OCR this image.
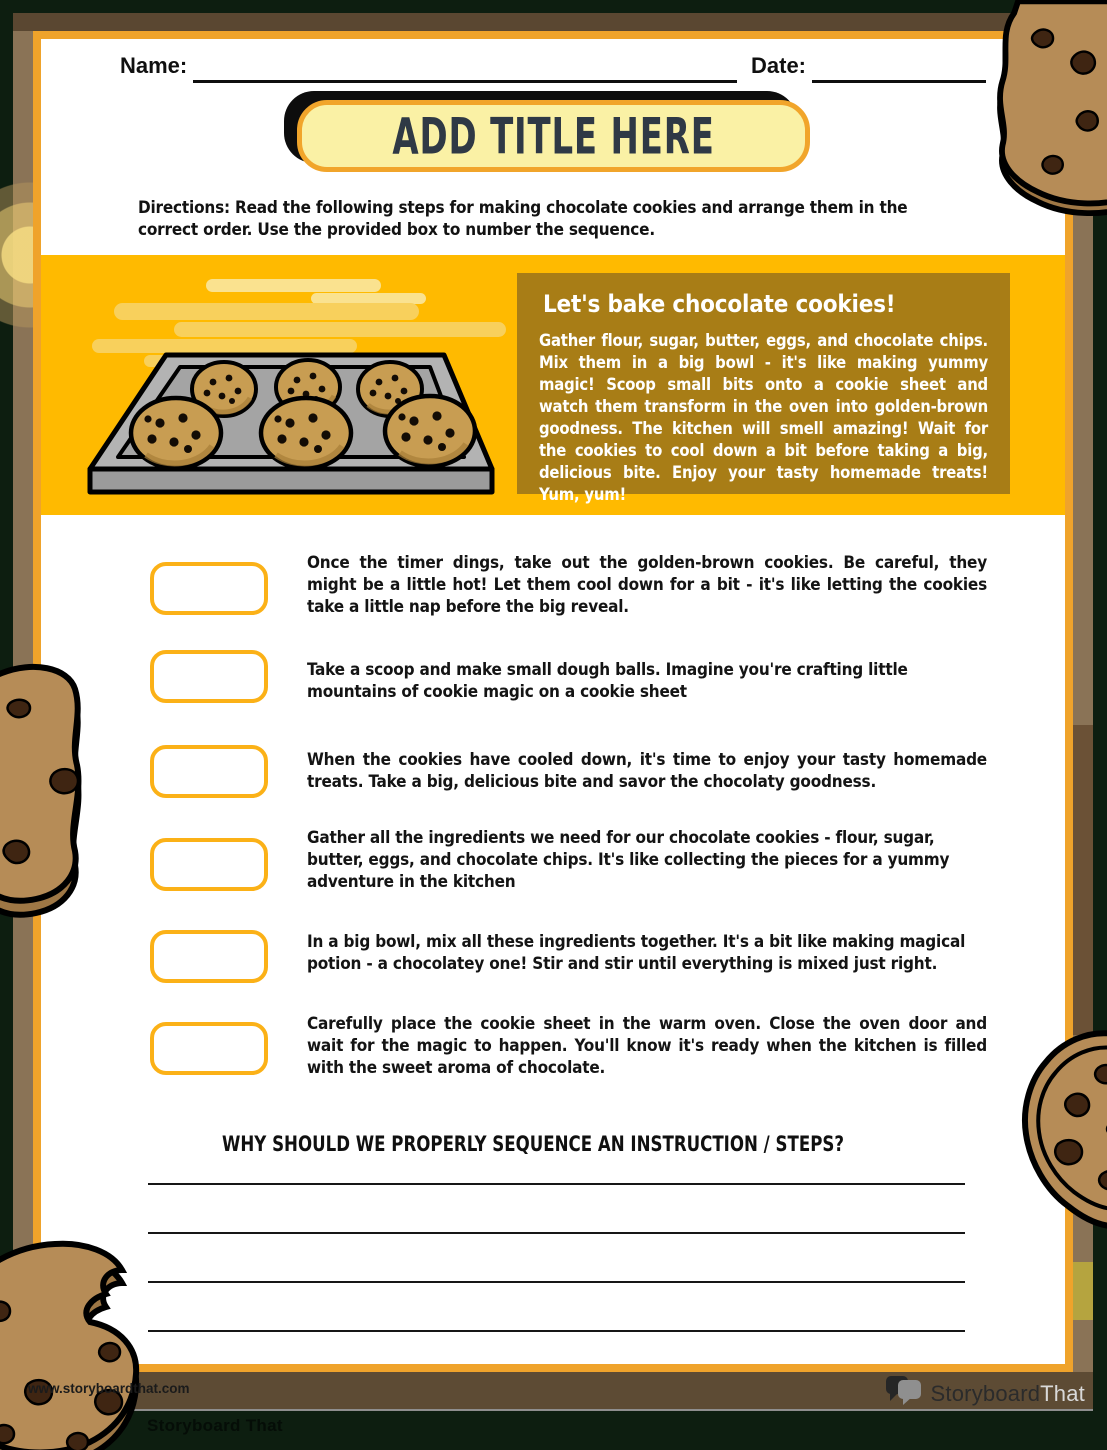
Name:	Date:
ADD TITLE HERE
Directions: Read the following steps for making chocolate cookies and arrange them in the correct order. Use the provided box to number the sequence.
Let's bake chocolate cookies!

Gather flour, sugar, butter, eggs, and chocolate chips. Mix them in a big bowl - it's like making yummy magic! Scoop small bits onto a cookie sheet and watch them transform in the oven into golden-brown goodness. The kitchen will smell amazing! Wait for the cookies to cool down a bit before taking a big, delicious bite. Enjoy your tasty homemade treats! Yum, yum!

Once the timer dings, take out the golden-brown cookies. Be careful, they might be a little hot! Let them cool down for a bit - it's like letting the cookies take a little nap before the big reveal.
Take a scoop and make small dough balls. Imagine you're crafting little mountains of cookie magic on a cookie sheet
When the cookies have cooled down, it's time to enjoy your tasty homemade treats. Take a big, delicious bite and savor the chocolaty goodness.
Gather all the ingredients we need for our chocolate cookies - flour, sugar, butter, eggs, and chocolate chips. It's like collecting the pieces for a yummy adventure in the kitchen
In a big bowl, mix all these ingredients together. It's a bit like making magical potion - a chocolatey one! Stir and stir until everything is mixed just right.
Carefully place the cookie sheet in the warm oven. Close the oven door and wait for the magic to happen. You'll know it's ready when the kitchen is filled with the sweet aroma of chocolate.
WHY SHOULD WE PROPERLY SEQUENCE AN INSTRUCTION / STEPS?
www.storyboardthat.com
Storyboard That
StoryboardThat
